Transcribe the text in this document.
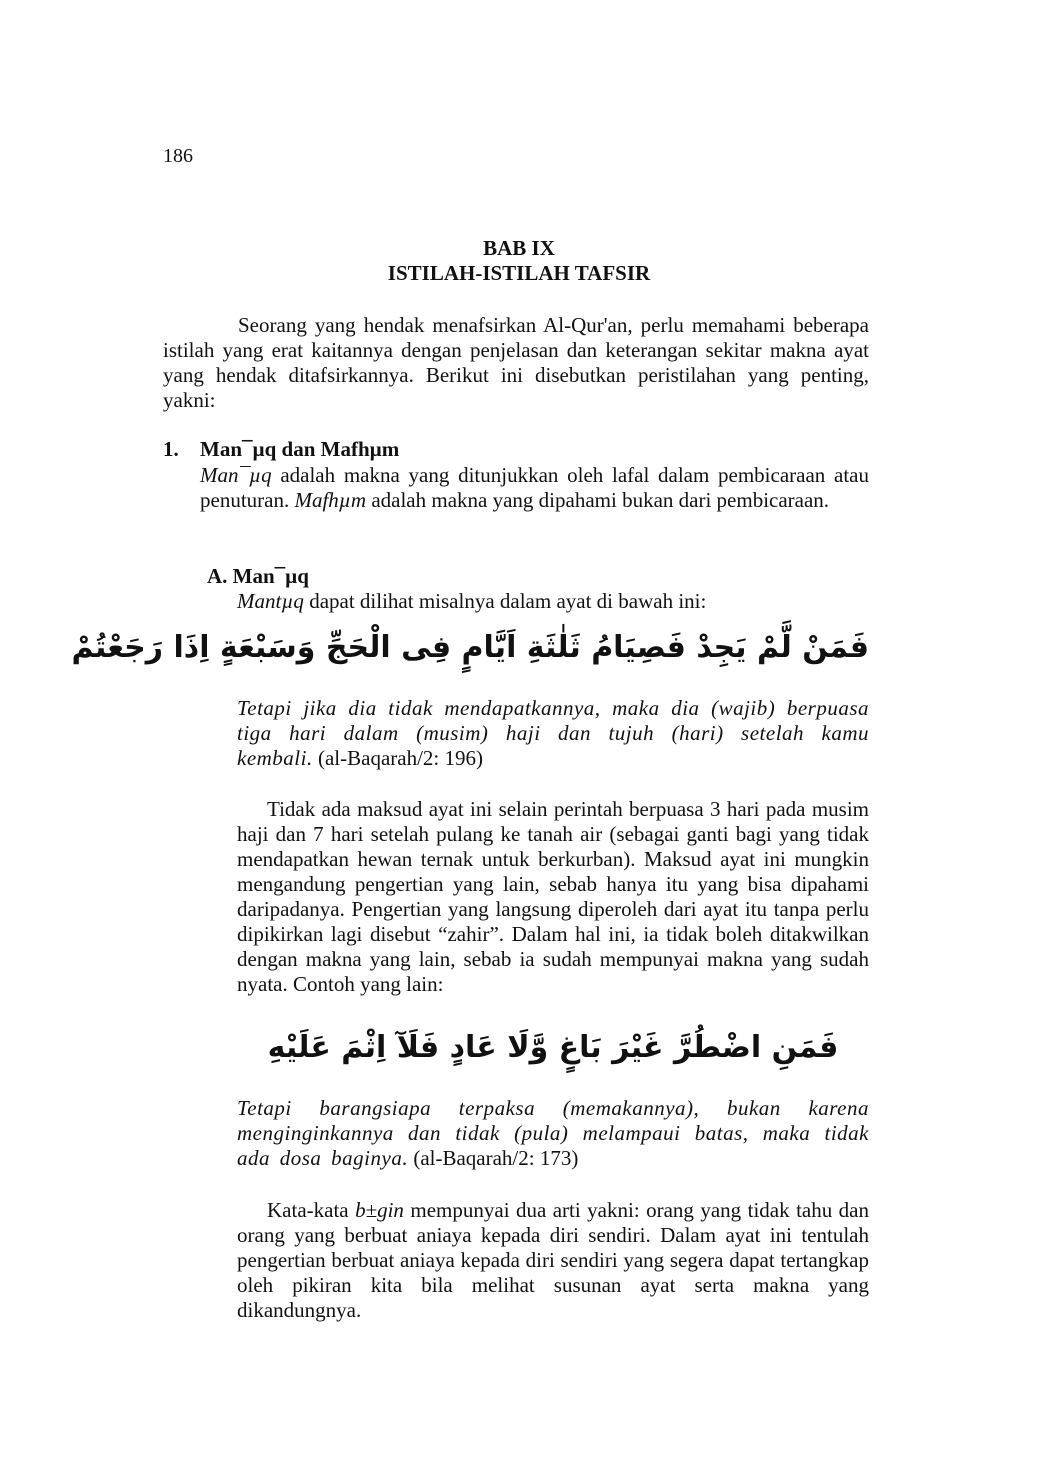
186
BAB IX
ISTILAH-ISTILAH TAFSIR

Seorang yang hendak menafsirkan Al-Qur'an, perlu memahami beberapa istilah yang erat kaitannya dengan penjelasan dan keterangan sekitar makna ayat yang hendak ditafsirkannya. Berikut ini disebutkan peristilahan yang penting, yakni:

1. Man¯µq dan Mafhµm

Man¯µq adalah makna yang ditunjukkan oleh lafal dalam pembicaraan atau penuturan. Mafhµm adalah makna yang dipahami bukan dari pembicaraan.

A. Man¯µq

Mantµq dapat dilihat misalnya dalam ayat di bawah ini:

فَمَنْ لَّمْ يَجِدْ فَصِيَامُ ثَلٰثَةِ اَيَّامٍ فِى الْحَجِّ وَسَبْعَةٍ اِذَا رَجَعْتُمْ

Tetapi jika dia tidak mendapatkannya, maka dia (wajib) berpuasa tiga hari dalam (musim) haji dan tujuh (hari) setelah kamu kembali. (al-Baqarah/2: 196)

Tidak ada maksud ayat ini selain perintah berpuasa 3 hari pada musim haji dan 7 hari setelah pulang ke tanah air (sebagai ganti bagi yang tidak mendapatkan hewan ternak untuk berkurban). Maksud ayat ini mungkin mengandung pengertian yang lain, sebab hanya itu yang bisa dipahami daripadanya. Pengertian yang langsung diperoleh dari ayat itu tanpa perlu dipikirkan lagi disebut “zahir”. Dalam hal ini, ia tidak boleh ditakwilkan dengan makna yang lain, sebab ia sudah mempunyai makna yang sudah nyata. Contoh yang lain:

فَمَنِ اضْطُرَّ غَيْرَ بَاغٍ وَّلَا عَادٍ فَلَآ اِثْمَ عَلَيْهِ

Tetapi barangsiapa terpaksa (memakannya), bukan karena menginginkannya dan tidak (pula) melampaui batas, maka tidak ada dosa baginya. (al-Baqarah/2: 173)

Kata-kata b±gin mempunyai dua arti yakni: orang yang tidak tahu dan orang yang berbuat aniaya kepada diri sendiri. Dalam ayat ini tentulah pengertian berbuat aniaya kepada diri sendiri yang segera dapat tertangkap oleh pikiran kita bila melihat susunan ayat serta makna yang dikandungnya.
